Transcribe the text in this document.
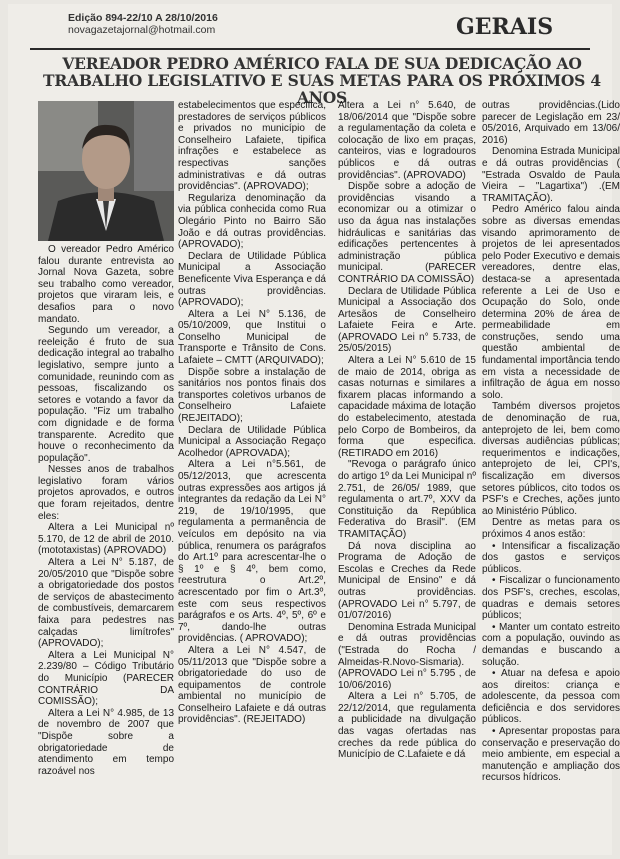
Edição 894-22/10 A 28/10/2016
novagazetajornal@hotmail.com	GERAIS
VEREADOR PEDRO AMÉRICO FALA DE SUA DEDICAÇÃO AO TRABALHO LEGISLATIVO E SUAS METAS PARA OS PRÓXIMOS 4 ANOS

O vereador Pedro Américo falou durante entrevista ao Jornal Nova Gazeta, sobre seu trabalho como vereador, projetos que viraram leis, e desafios para o novo mandato.

Segundo um vereador, a reeleição é fruto de sua dedicação integral ao trabalho legislativo, sempre junto a comunidade, reunindo com as pessoas, fiscalizando os setores e votando a favor da população. "Fiz um trabalho com dignidade e de forma transparente. Acredito que houve o reconhecimento da população".

Nesses anos de trabalhos legislativo foram vários projetos aprovados, e outros que foram rejeitados, dentre eles:

Altera a Lei Municipal nº 5.170, de 12 de abril de 2010. (mototaxistas) (APROVADO)

Altera a Lei N° 5.187, de 20/05/2010 que "Dispõe sobre a obrigatoriedade dos postos de serviços de abastecimento de combustíveis, demarcarem faixa para pedestres nas calçadas limítrofes" (APROVADO);

Altera a Lei Municipal N° 2.239/80 – Código Tributário do Município (PARECER CONTRÁRIO DA COMISSÃO);

Altera a Lei N° 4.985, de 13 de novembro de 2007 que "Dispõe sobre a obrigatoriedade de atendimento em tempo razoável nos

estabelecimentos que especifica, prestadores de serviços públicos e privados no município de Conselheiro Lafaiete, tipifica infrações e estabelece as respectivas sanções administrativas e dá outras providências". (APROVADO);

Regulariza denominação da via pública conhecida como Rua Olegário Pinto no Bairro São João e dá outras providências. (APROVADO);

Declara de Utilidade Pública Municipal a Associação Beneficente Viva Esperança e dá outras providências. (APROVADO);

Altera a Lei N° 5.136, de 05/10/2009, que Institui o Conselho Municipal de Transporte e Trânsito de Cons. Lafaiete – CMTT (ARQUIVADO);

Dispõe sobre a instalação de sanitários nos pontos finais dos transportes coletivos urbanos de Conselheiro Lafaiete (REJEITADO);

Declara de Utilidade Pública Municipal a Associação Regaço Acolhedor (APROVADA);

Altera a Lei n°5.561, de 05/12/2013, que acrescenta outras expressões aos artigos já integrantes da redação da Lei N° 219, de 19/10/1995, que regulamenta a permanência de veículos em depósito na via pública, renumera os parágrafos do Art.1º para acrescentar-lhe o § 1º e § 4º, bem como, reestrutura o Art.2º, acrescentado por fim o Art.3º, este com seus respectivos parágrafos e os Arts. 4º, 5º, 6º e 7º, dando-lhe outras providências. ( APROVADO);

Altera a Lei N° 4.547, de 05/11/2013 que "Dispõe sobre a obrigatoriedade do uso de equipamentos de controle ambiental no município de Conselheiro Lafaiete e dá outras providências". (REJEITADO)

Altera a Lei n° 5.640, de 18/06/2014 que "Dispõe sobre a regulamentação da coleta e colocação de lixo em praças, canteiros, vias e logradouros públicos e dá outras providências". (APROVADO)

Dispõe sobre a adoção de providências visando a economizar ou a otimizar o uso da água nas instalações hidráulicas e sanitárias das edificações pertencentes à administração pública municipal. (PARECER CONTRÁRIO DA COMISSÃO)

Declara de Utilidade Pública Municipal a Associação dos Artesãos de Conselheiro Lafaiete Feira e Arte.(APROVADO Lei n° 5.733, de 25/05/2015)

Altera a Lei N° 5.610 de 15 de maio de 2014, obriga as casas noturnas e similares a fixarem placas informando a capacidade máxima de lotação do estabelecimento, atestada pelo Corpo de Bombeiros, da forma que especifica. (RETIRADO em 2016)

"Revoga o parágrafo único do artigo 1º da Lei Municipal nº 2.751, de 26/05/ 1989, que regulamenta o art.7º, XXV da Constituição da República Federativa do Brasil". (EM TRAMITAÇÃO)

Dá nova disciplina ao Programa de Adoção de Escolas e Creches da Rede Municipal de Ensino" e dá outras providências.(APROVADO Lei n° 5.797, de 01/07/2016)

Denomina Estrada Municipal e dá outras providências ("Estrada do Rocha / Almeidas-R.Novo-Sismaria).(APROVADO Lei n° 5.795 , de 10/06/2016)

Altera a Lei n° 5.705, de 22/12/2014, que regulamenta a publicidade na divulgação das vagas ofertadas nas creches da rede pública do Município de C.Lafaiete e dá

outras providências.(Lido parecer de Legislação em 23/ 05/2016, Arquivado em 13/06/ 2016)

Denomina Estrada Municipal e dá outras providências ( "Estrada Osvaldo de Paula Vieira – "Lagartixa") .(EM TRAMITAÇÃO).

Pedro Américo falou ainda sobre as diversas emendas visando aprimoramento de projetos de lei apresentados pelo Poder Executivo e demais vereadores, dentre elas, destaca-se a apresentada referente a Lei de Uso e Ocupação do Solo, onde determina 20% de área de permeabilidade em construções, sendo uma questão ambiental de fundamental importância tendo em vista a necessidade de infiltração de água em nosso solo.

Também diversos projetos de denominação de rua, anteprojeto de lei, bem como diversas audiências públicas; requerimentos e indicações, anteprojeto de lei, CPI's, fiscalização em diversos setores públicos, cito todos os PSF's e Creches, ações junto ao Ministério Público.

Dentre as metas para os próximos 4 anos estão:

• Intensificar a fiscalização dos gastos e serviços públicos.

• Fiscalizar o funcionamento dos PSF's, creches, escolas, quadras e demais setores públicos;

• Manter um contato estreito com a população, ouvindo as demandas e buscando a solução.

• Atuar na defesa e apoio aos direitos: criança e adolescente, da pessoa com deficiência e dos servidores públicos.

• Apresentar propostas para conservação e preservação do meio ambiente, em especial a manutenção e ampliação dos recursos hídricos.
